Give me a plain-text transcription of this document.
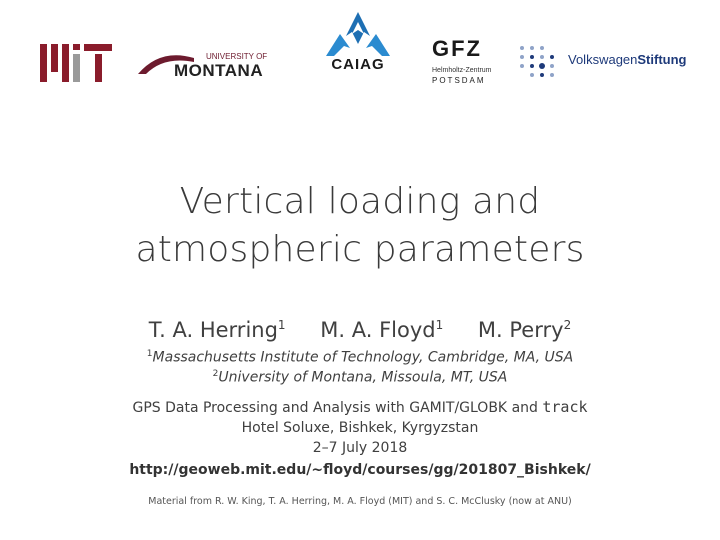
UNIVERSITY OF
MONTANA	CAIAG
GFZ
Helmholtz-Zentrum
POTSDAM
VolkswagenStiftung
Vertical loading and
atmospheric parameters
T. A. Herring$^1$ M. A. Floyd$^1$ M. Perry$^2$
$^1$Massachusetts Institute of Technology, Cambridge, MA, USA
$^2$University of Montana, Missoula, MT, USA
GPS Data Processing and Analysis with GAMIT/GLOBK and track
Hotel Soluxe, Bishkek, Kyrgyzstan
2–7 July 2018
http://geoweb.mit.edu/~floyd/courses/gg/201807_Bishkek/
Material from R. W. King, T. A. Herring, M. A. Floyd (MIT) and S. C. McClusky (now at ANU)
